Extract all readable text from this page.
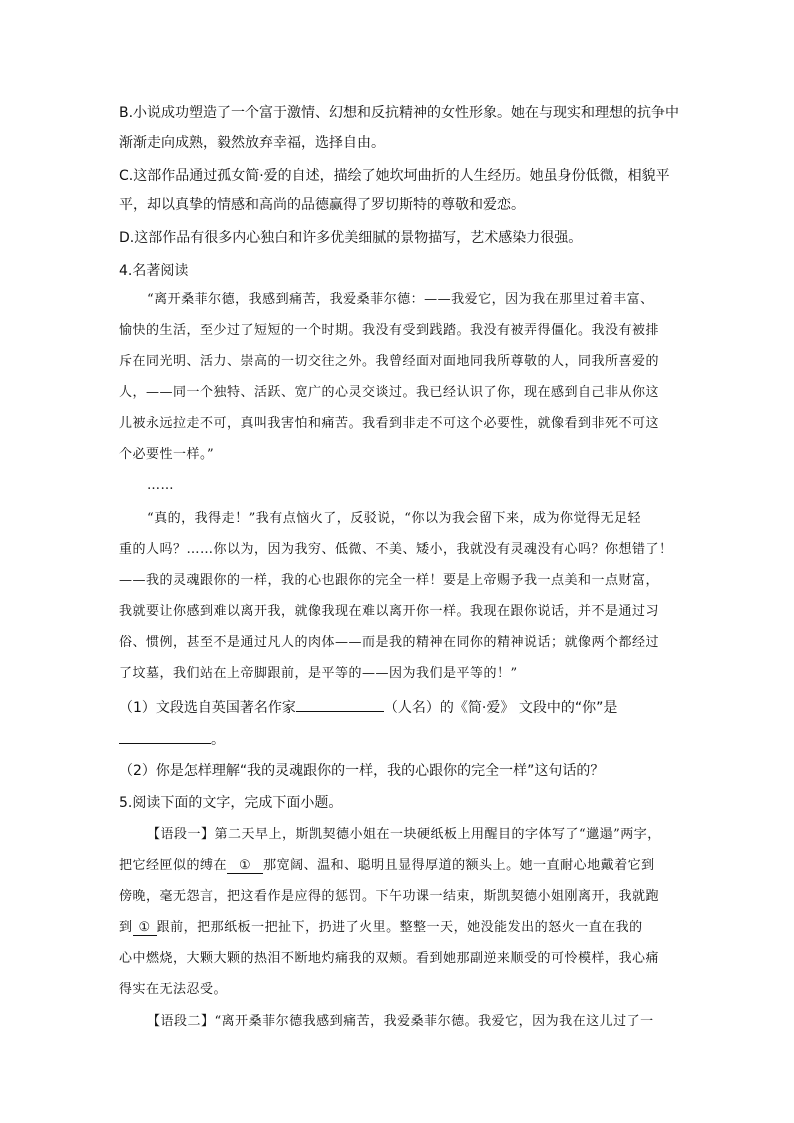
B.小说成功塑造了一个富于激情、幻想和反抗精神的女性形象。她在与现实和理想的抗争中
渐渐走向成熟，毅然放弃幸福，选择自由。
C.这部作品通过孤女简·爱的自述，描绘了她坎坷曲折的人生经历。她虽身份低微，相貌平
平，却以真挚的情感和高尚的品德赢得了罗切斯特的尊敬和爱恋。
D.这部作品有很多内心独白和许多优美细腻的景物描写，艺术感染力很强。
4.名著阅读
“离开桑菲尔德，我感到痛苦，我爱桑菲尔德：——我爱它，因为我在那里过着丰富、
愉快的生活，至少过了短短的一个时期。我没有受到践踏。我没有被弄得僵化。我没有被排
斥在同光明、活力、崇高的一切交往之外。我曾经面对面地同我所尊敬的人，同我所喜爱的
人，——同一个独特、活跃、宽广的心灵交谈过。我已经认识了你，现在感到自己非从你这
儿被永远拉走不可，真叫我害怕和痛苦。我看到非走不可这个必要性，就像看到非死不可这
个必要性一样。”
……
“真的，我得走！”我有点恼火了，反驳说，“你以为我会留下来，成为你觉得无足轻
重的人吗？……你以为，因为我穷、低微、不美、矮小，我就没有灵魂没有心吗？你想错了！
——我的灵魂跟你的一样，我的心也跟你的完全一样！要是上帝赐予我一点美和一点财富，
我就要让你感到难以离开我，就像我现在难以离开你一样。我现在跟你说话，并不是通过习
俗、惯例，甚至不是通过凡人的肉体——而是我的精神在同你的精神说话；就像两个都经过
了坟墓，我们站在上帝脚跟前，是平等的——因为我们是平等的！”
（1）文段选自英国著名作家	（人名）的《简·爱》 文段中的“你”是
。
（2）你是怎样理解“我的灵魂跟你的一样，我的心跟你的完全一样”这句话的？
5.阅读下面的文字，完成下面小题。
【语段一】第二天早上，斯凯契德小姐在一块硬纸板上用醒目的字体写了“邋遢”两字，
把它经匣似的缚在 ① 那宽阔、温和、聪明且显得厚道的额头上。她一直耐心地戴着它到
傍晚，毫无怨言，把这看作是应得的惩罚。下午功课一结束，斯凯契德小姐刚离开，我就跑
到 ① 跟前，把那纸板一把扯下，扔进了火里。整整一天，她没能发出的怒火一直在我的
心中燃烧，大颗大颗的热泪不断地灼痛我的双颊。看到她那副逆来顺受的可怜模样，我心痛
得实在无法忍受。
【语段二】“离开桑菲尔德我感到痛苦，我爱桑菲尔德。我爱它，因为我在这儿过了一
